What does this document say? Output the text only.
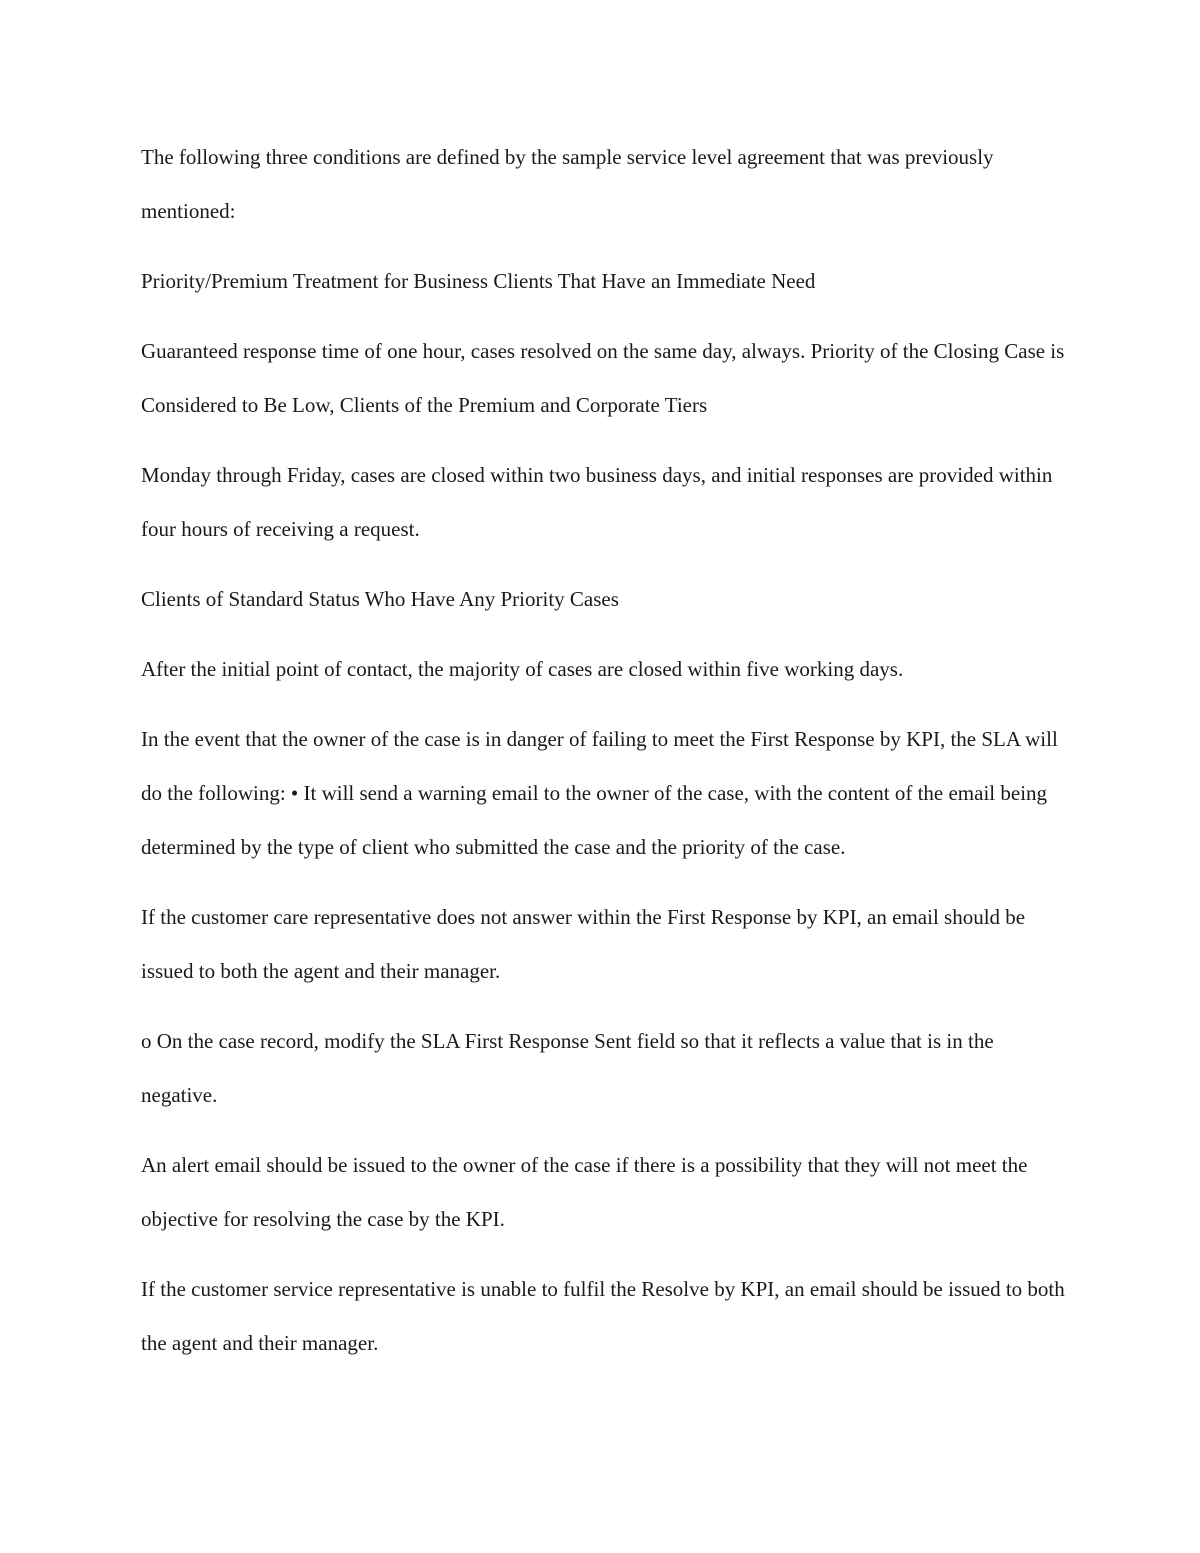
The following three conditions are defined by the sample service level agreement that was previously mentioned:

Priority/Premium Treatment for Business Clients That Have an Immediate Need

Guaranteed response time of one hour, cases resolved on the same day, always. Priority of the Closing Case is Considered to Be Low, Clients of the Premium and Corporate Tiers

Monday through Friday, cases are closed within two business days, and initial responses are provided within four hours of receiving a request.

Clients of Standard Status Who Have Any Priority Cases

After the initial point of contact, the majority of cases are closed within five working days.

In the event that the owner of the case is in danger of failing to meet the First Response by KPI, the SLA will do the following: • It will send a warning email to the owner of the case, with the content of the email being determined by the type of client who submitted the case and the priority of the case.

If the customer care representative does not answer within the First Response by KPI, an email should be issued to both the agent and their manager.

o On the case record, modify the SLA First Response Sent field so that it reflects a value that is in the negative.

An alert email should be issued to the owner of the case if there is a possibility that they will not meet the objective for resolving the case by the KPI.

If the customer service representative is unable to fulfil the Resolve by KPI, an email should be issued to both the agent and their manager.
